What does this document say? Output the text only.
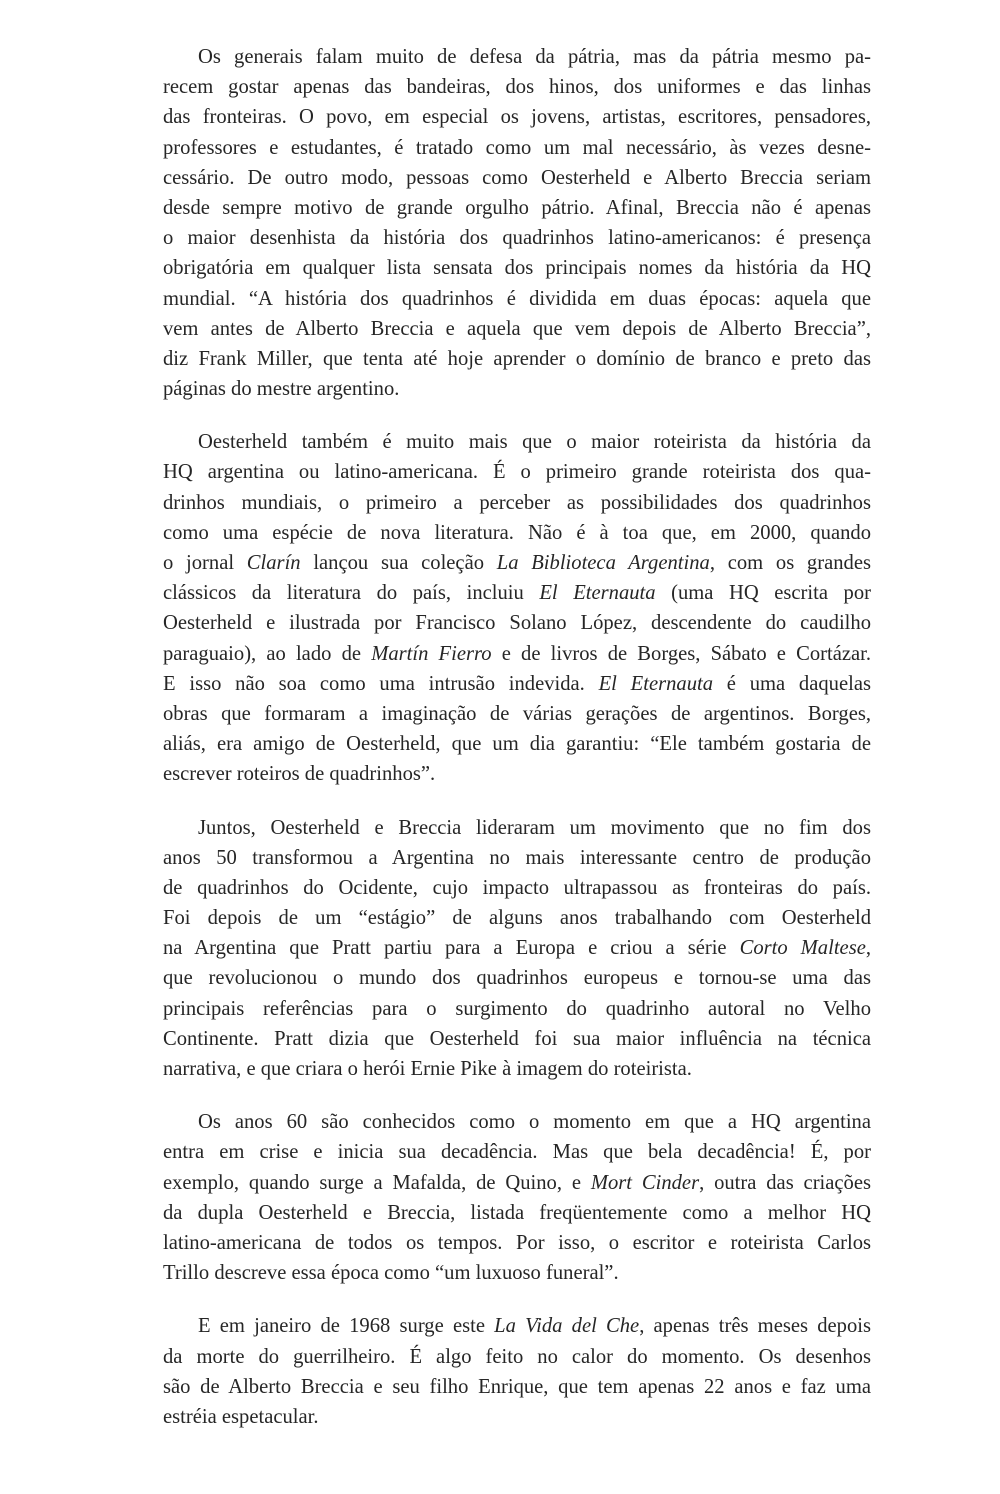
Os generais falam muito de defesa da pátria, mas da pátria mesmo pa-
recem gostar apenas das bandeiras, dos hinos, dos uniformes e das linhas
das fronteiras. O povo, em especial os jovens, artistas, escritores, pensadores,
professores e estudantes, é tratado como um mal necessário, às vezes desne-
cessário. De outro modo, pessoas como Oesterheld e Alberto Breccia seriam
desde sempre motivo de grande orgulho pátrio. Afinal, Breccia não é apenas
o maior desenhista da história dos quadrinhos latino-americanos: é presença
obrigatória em qualquer lista sensata dos principais nomes da história da HQ
mundial. “A história dos quadrinhos é dividida em duas épocas: aquela que
vem antes de Alberto Breccia e aquela que vem depois de Alberto Breccia”,
diz Frank Miller, que tenta até hoje aprender o domínio de branco e preto das
páginas do mestre argentino.
Oesterheld também é muito mais que o maior roteirista da história da
HQ argentina ou latino-americana. É o primeiro grande roteirista dos qua-
drinhos mundiais, o primeiro a perceber as possibilidades dos quadrinhos
como uma espécie de nova literatura. Não é à toa que, em 2000, quando
o jornal Clarín lançou sua coleção La Biblioteca Argentina, com os grandes
clássicos da literatura do país, incluiu El Eternauta (uma HQ escrita por
Oesterheld e ilustrada por Francisco Solano López, descendente do caudilho
paraguaio), ao lado de Martín Fierro e de livros de Borges, Sábato e Cortázar.
E isso não soa como uma intrusão indevida. El Eternauta é uma daquelas
obras que formaram a imaginação de várias gerações de argentinos. Borges,
aliás, era amigo de Oesterheld, que um dia garantiu: “Ele também gostaria de
escrever roteiros de quadrinhos”.
Juntos, Oesterheld e Breccia lideraram um movimento que no fim dos
anos 50 transformou a Argentina no mais interessante centro de produção
de quadrinhos do Ocidente, cujo impacto ultrapassou as fronteiras do país.
Foi depois de um “estágio” de alguns anos trabalhando com Oesterheld
na Argentina que Pratt partiu para a Europa e criou a série Corto Maltese,
que revolucionou o mundo dos quadrinhos europeus e tornou-se uma das
principais referências para o surgimento do quadrinho autoral no Velho
Continente. Pratt dizia que Oesterheld foi sua maior influência na técnica
narrativa, e que criara o herói Ernie Pike à imagem do roteirista.
Os anos 60 são conhecidos como o momento em que a HQ argentina
entra em crise e inicia sua decadência. Mas que bela decadência! É, por
exemplo, quando surge a Mafalda, de Quino, e Mort Cinder, outra das criações
da dupla Oesterheld e Breccia, listada freqüentemente como a melhor HQ
latino-americana de todos os tempos. Por isso, o escritor e roteirista Carlos
Trillo descreve essa época como “um luxuoso funeral”.
E em janeiro de 1968 surge este La Vida del Che, apenas três meses depois
da morte do guerrilheiro. É algo feito no calor do momento. Os desenhos
são de Alberto Breccia e seu filho Enrique, que tem apenas 22 anos e faz uma
estréia espetacular.
